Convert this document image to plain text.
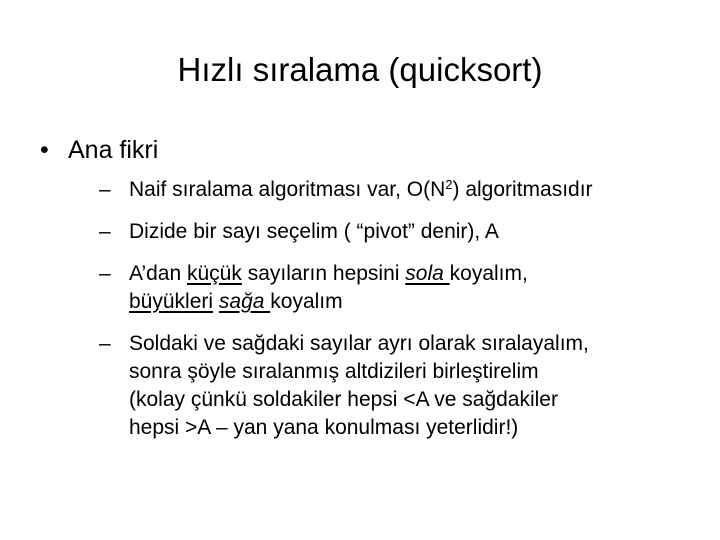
Hızlı sıralama (quicksort)
• Ana fikri
– Naif sıralama algoritması var, $O(N^2)$ algoritmasıdır
– Dizide bir sayı seçelim ( “pivot” denir), A
– A’dan küçük sayıların hepsini sola koyalım,
büyükleri sağa koyalım
– Soldaki ve sağdaki sayılar ayrı olarak sıralayalım,
sonra şöyle sıralanmış altdizileri birleştirelim
(kolay çünkü soldakiler hepsi <A ve sağdakiler
hepsi >A – yan yana konulması yeterlidir!)
